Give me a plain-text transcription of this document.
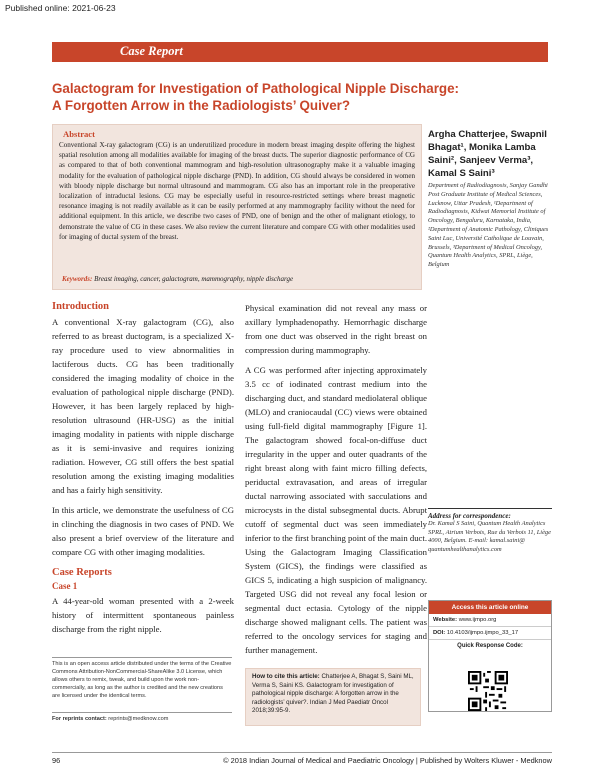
Published online: 2021-06-23
Case Report
Galactogram for Investigation of Pathological Nipple Discharge:
A Forgotten Arrow in the Radiologists’ Quiver?
Abstract
Conventional X-ray galactogram (CG) is an underutilized procedure in modern breast imaging despite offering the highest spatial resolution among all modalities available for imaging of the breast ducts. The superior diagnostic performance of CG as compared to that of both conventional mammogram and high-resolution ultrasonography make it a valuable imaging modality for the evaluation of pathological nipple discharge (PND). In addition, CG should always be considered in women with bloody nipple discharge but normal ultrasound and mammogram. CG also has an important role in the preoperative localization of intraductal lesions. CG may be especially useful in resource-restricted settings where breast magnetic resonance imaging is not readily available as it can be easily performed at any mammography facility without the need for additional equipment. In this article, we describe two cases of PND, one of benign and the other of malignant etiology, to demonstrate the value of CG in these cases. We also review the current literature and compare CG with other modalities used for imaging of ductal system of the breast.
Keywords: Breast imaging, cancer, galactogram, mammography, nipple discharge
Argha Chatterjee, Swapnil Bhagat¹, Monika Lamba Saini², Sanjeev Verma³, Kamal S Saini³
Department of Radiodiagnosis, Sanjay Gandhi Post Graduate Institute of Medical Sciences, Lucknow, Uttar Pradesh, ¹Department of Radiodiagnosis, Kidwai Memorial Institute of Oncology, Bengaluru, Karnataka, India, ²Department of Anatomic Pathology, Cliniques Saint Luc, Université Catholique de Louvain, Brussels, ³Department of Medical Oncology, Quantum Health Analytics, SPRL, Liège, Belgium
Introduction

A conventional X-ray galactogram (CG), also referred to as breast ductogram, is a specialized X-ray procedure used to view abnormalities in lactiferous ducts. CG has been traditionally considered the imaging modality of choice in the evaluation of pathological nipple discharge (PND). However, it has been largely replaced by high-resolution ultrasound (HR-USG) as the initial imaging modality in patients with nipple discharge as it is semi-invasive and requires ionizing radiation. However, CG still offers the best spatial resolution among the existing imaging modalities and has a fairly high sensitivity.

In this article, we demonstrate the usefulness of CG in clinching the diagnosis in two cases of PND. We also present a brief overview of the literature and compare CG with other imaging modalities.

Case Reports
Case 1

A 44-year-old woman presented with a 2-week history of intermittent spontaneous painless discharge from the right nipple.

Physical examination did not reveal any mass or axillary lymphadenopathy. Hemorrhagic discharge from one duct was observed in the right breast on compression during mammography.

A CG was performed after injecting approximately 3.5 cc of iodinated contrast medium into the discharging duct, and standard mediolateral oblique (MLO) and craniocaudal (CC) views were obtained using full-field digital mammography [Figure 1]. The galactogram showed focal-on-diffuse duct irregularity in the upper and outer quadrants of the right breast along with faint micro filling defects, periductal extravasation, and areas of irregular ductal narrowing associated with sacculations and microcysts in the distal subsegmental ducts. Abrupt cutoff of segmental duct was seen immediately inferior to the first branching point of the main duct. Using the Galactogram Imaging Classification System (GICS), the findings were classified as GICS 5, indicating a high suspicion of malignancy. Targeted USG did not reveal any focal lesion or segmental duct ectasia. Cytology of the nipple discharge showed malignant cells. The patient was referred to the oncology services for staging and further management.

Address for correspondence:
Dr. Kamal S Saini, Quantum Health Analytics SPRL, Atrium Verbois, Rue du Verbois 11, Liège 4000, Belgium. E-mail: kamal.saini@ quantumhealthanalytics.com
Access this article online
Website: www.ijmpo.org
DOI: 10.4103/ijmpo.ijmpo_33_17
Quick Response Code:
This is an open access article distributed under the terms of the Creative Commons Attribution-NonCommercial-ShareAlike 3.0 License, which allows others to remix, tweak, and build upon the work non-commercially, as long as the author is credited and the new creations are licensed under the identical terms.
For reprints contact: reprints@medknow.com
How to cite this article: Chatterjee A, Bhagat S, Saini ML, Verma S, Saini KS. Galactogram for investigation of pathological nipple discharge: A forgotten arrow in the radiologists’ quiver?. Indian J Med Paediatr Oncol 2018;39:95-9.
96	© 2018 Indian Journal of Medical and Paediatric Oncology | Published by Wolters Kluwer - Medknow
